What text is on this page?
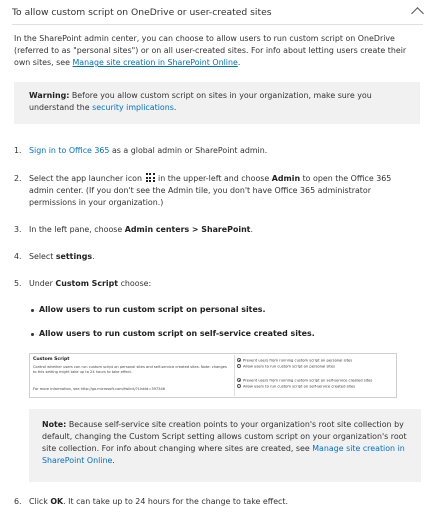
To allow custom script on OneDrive or user-created sites
In the SharePoint admin center, you can choose to allow users to run custom script on OneDrive (referred to as "personal sites") or on all user-created sites. For info about letting users create their own sites, see Manage site creation in SharePoint Online.
Warning: Before you allow custom script on sites in your organization, make sure you understand the security implications.
1. Sign in to Office 365 as a global admin or SharePoint admin.
2. Select the app launcher icon
in the upper-left and choose Admin to open the Office 365 admin center. (If you don't see the Admin tile, you don't have Office 365 administrator permissions in your organization.)
3. In the left pane, choose Admin centers > SharePoint.
4. Select settings.
5. Under Custom Script choose:
Allow users to run custom script on personal sites.
Allow users to run custom script on self-service created sites.
Custom Script
Control whether users can run custom script on personal sites and self-service created sites. Note: changes to this setting might take up to 24 hours to take effect.
For more information, see http://go.microsoft.com/fwlink/?LinkId=397546
Prevent users from running custom script on personal sites
Allow users to run custom script on personal sites
Prevent users from running custom script on self-service created sites
Allow users to run custom script on self-service created sites
Note: Because self-service site creation points to your organization's root site collection by default, changing the Custom Script setting allows custom script on your organization's root site collection. For info about changing where sites are created, see Manage site creation in SharePoint Online.
6. Click OK. It can take up to 24 hours for the change to take effect.
